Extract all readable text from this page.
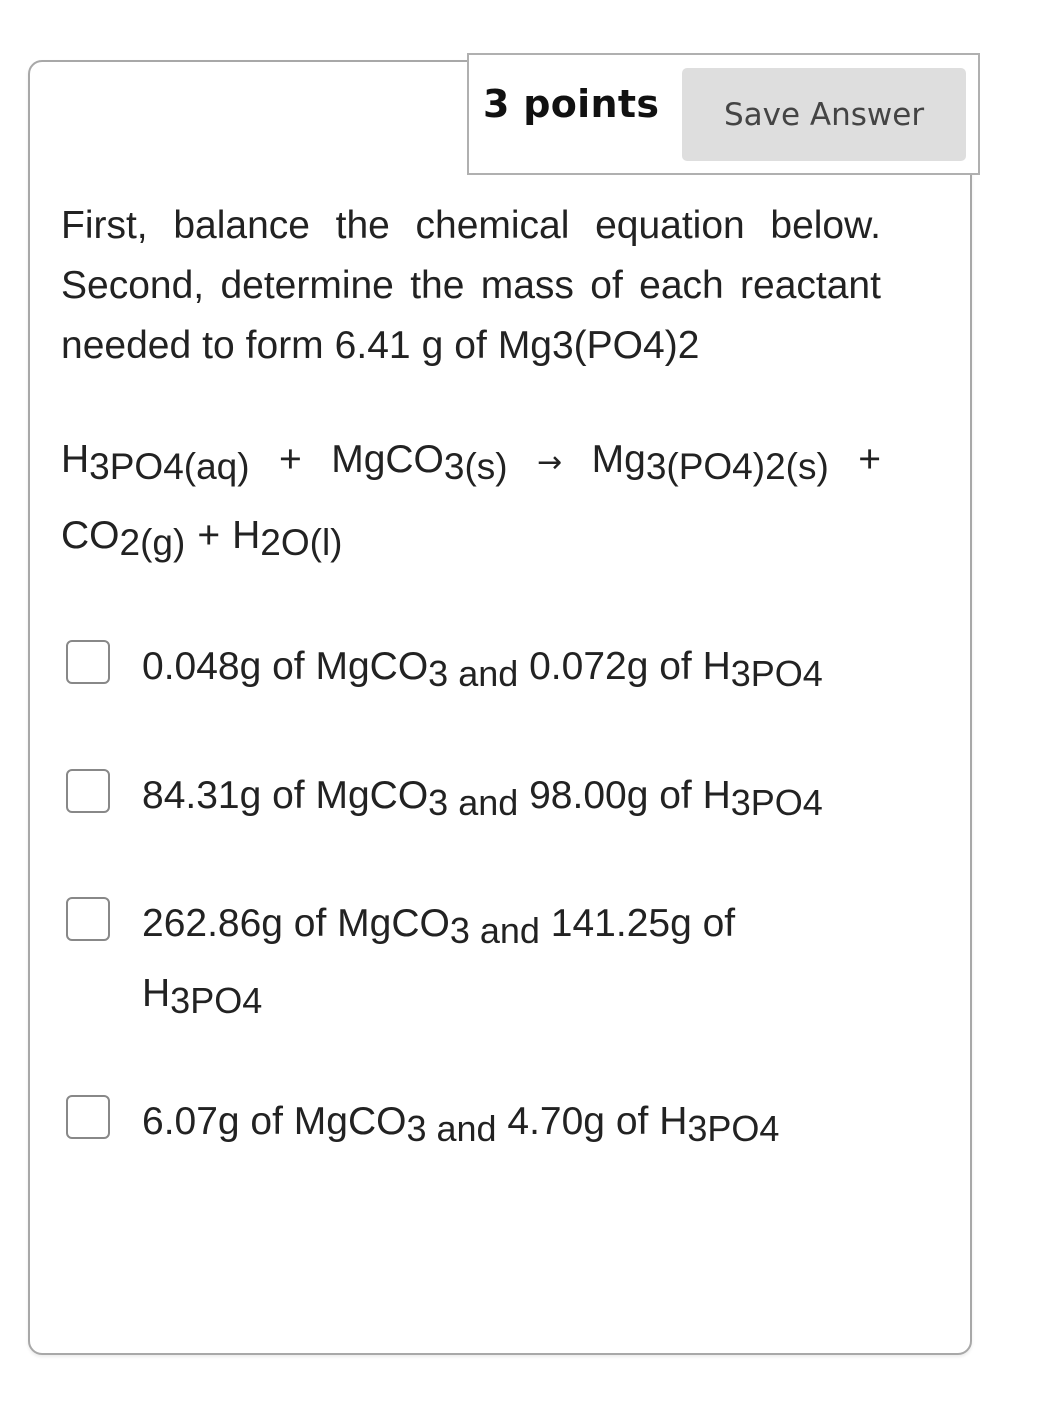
3 points	Save Answer
First, balance the chemical equation below.
Second, determine the mass of each reactant
needed to form 6.41 g of Mg3(PO4)2
H3PO4(aq) + MgCO3(s) → Mg3(PO4)2(s) +
CO2(g) + H2O(l)
0.048g of MgCO3 and 0.072g of H3PO4
84.31g of MgCO3 and 98.00g of H3PO4
262.86g of MgCO3 and 141.25g of
H3PO4
6.07g of MgCO3 and 4.70g of H3PO4
